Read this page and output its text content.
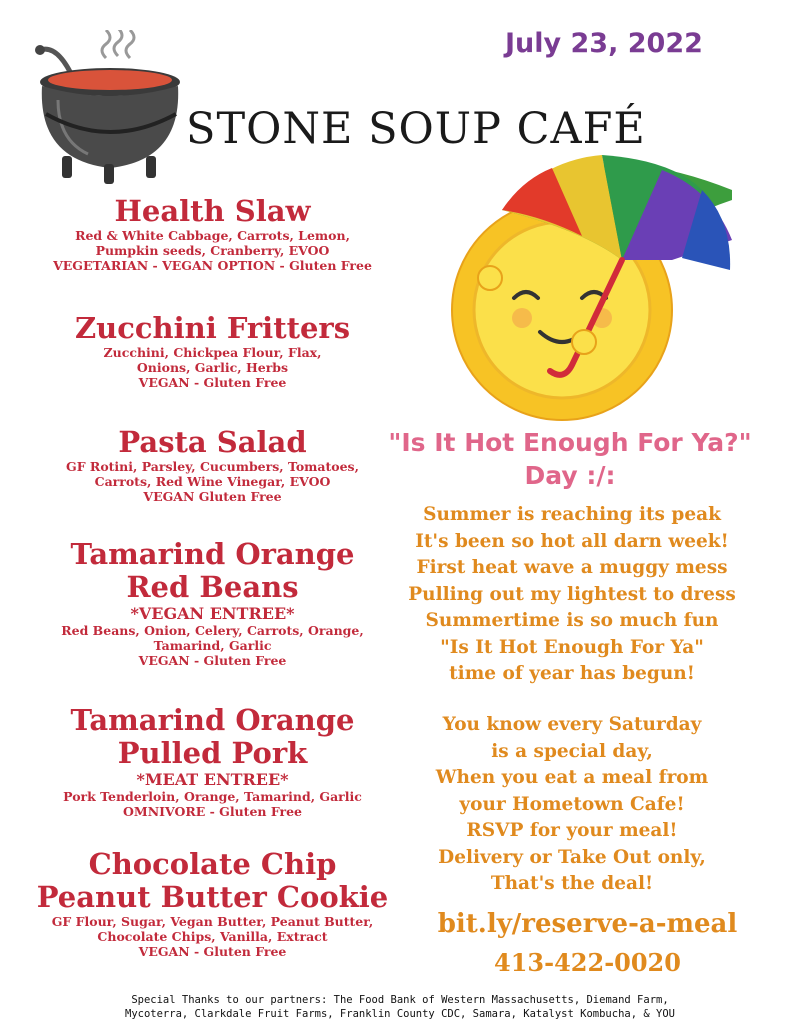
July 23, 2022
STONE SOUP CAFÉ
Health Slaw
Red & White Cabbage, Carrots, Lemon,
Pumpkin seeds, Cranberry, EVOO
VEGETARIAN - VEGAN OPTION - Gluten Free
Zucchini Fritters
Zucchini, Chickpea Flour, Flax,
Onions, Garlic, Herbs
VEGAN - Gluten Free
Pasta Salad
GF Rotini, Parsley, Cucumbers, Tomatoes,
Carrots, Red Wine Vinegar, EVOO
VEGAN Gluten Free
Tamarind Orange Red Beans
*VEGAN ENTREE*
Red Beans, Onion, Celery, Carrots, Orange,
Tamarind, Garlic
VEGAN - Gluten Free
Tamarind Orange Pulled Pork
*MEAT ENTREE*
Pork Tenderloin, Orange, Tamarind, Garlic
OMNIVORE - Gluten Free
Chocolate Chip Peanut Butter Cookie
GF Flour, Sugar, Vegan Butter, Peanut Butter,
Chocolate Chips, Vanilla, Extract
VEGAN - Gluten Free
"Is It Hot Enough For Ya?"
Day :/:
Summer is reaching its peak
It's been so hot all darn week!
First heat wave a muggy mess
Pulling out my lightest to dress
Summertime is so much fun
"Is It Hot Enough For Ya"
time of year has begun!
You know every Saturday
is a special day,
When you eat a meal from
your Hometown Cafe!
RSVP for your meal!
Delivery or Take Out only,
That's the deal!
bit.ly/reserve-a-meal
413-422-0020
Special Thanks to our partners: The Food Bank of Western Massachusetts, Diemand Farm,
Mycoterra, Clarkdale Fruit Farms, Franklin County CDC, Samara, Katalyst Kombucha, & YOU
